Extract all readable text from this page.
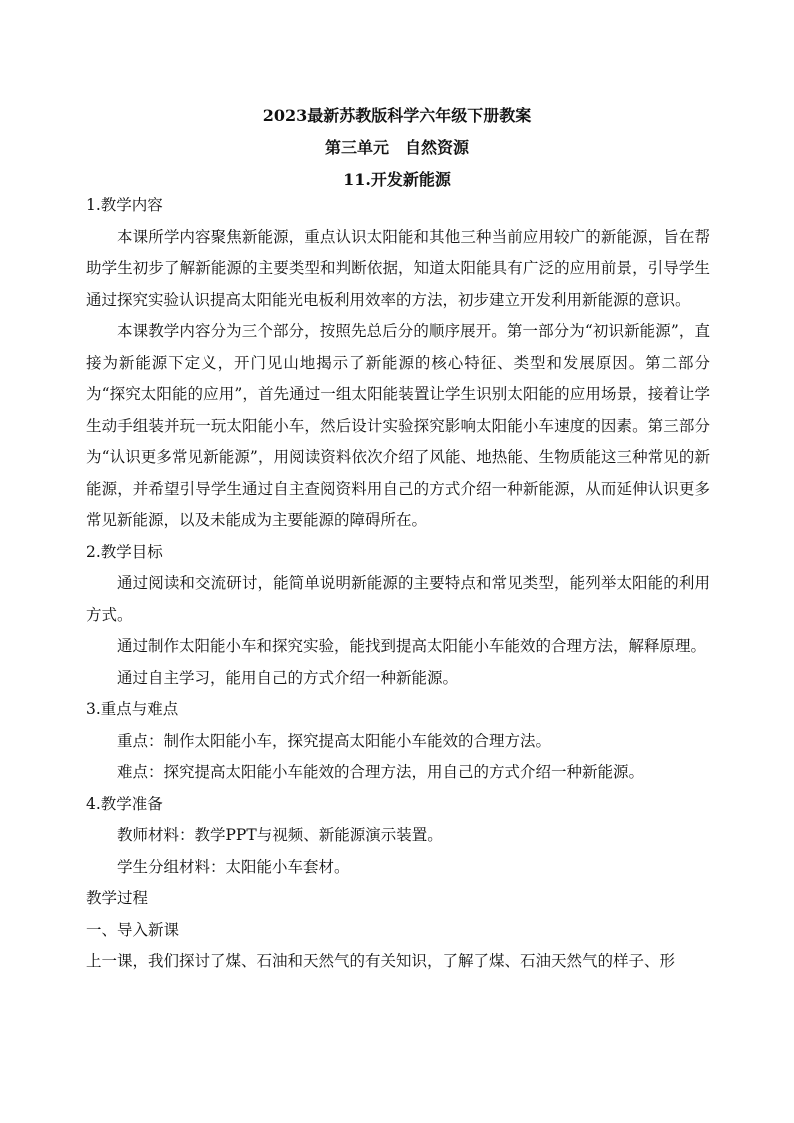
2023最新苏教版科学六年级下册教案

第三单元　自然资源

11.开发新能源

1.教学内容

本课所学内容聚焦新能源，重点认识太阳能和其他三种当前应用较广的新能源，旨在帮助学生初步了解新能源的主要类型和判断依据，知道太阳能具有广泛的应用前景，引导学生通过探究实验认识提高太阳能光电板利用效率的方法，初步建立开发利用新能源的意识。

本课教学内容分为三个部分，按照先总后分的顺序展开。第一部分为“初识新能源”，直接为新能源下定义，开门见山地揭示了新能源的核心特征、类型和发展原因。第二部分为“探究太阳能的应用”，首先通过一组太阳能装置让学生识别太阳能的应用场景，接着让学生动手组装并玩一玩太阳能小车，然后设计实验探究影响太阳能小车速度的因素。第三部分为“认识更多常见新能源”，用阅读资料依次介绍了风能、地热能、生物质能这三种常见的新能源，并希望引导学生通过自主查阅资料用自己的方式介绍一种新能源，从而延伸认识更多常见新能源，以及未能成为主要能源的障碍所在。

2.教学目标

通过阅读和交流研讨，能简单说明新能源的主要特点和常见类型，能列举太阳能的利用方式。

通过制作太阳能小车和探究实验，能找到提高太阳能小车能效的合理方法，解释原理。

通过自主学习，能用自己的方式介绍一种新能源。

3.重点与难点

重点：制作太阳能小车，探究提高太阳能小车能效的合理方法。

难点：探究提高太阳能小车能效的合理方法，用自己的方式介绍一种新能源。

4.教学准备

教师材料：教学PPT与视频、新能源演示装置。

学生分组材料：太阳能小车套材。

教学过程

一、导入新课

上一课，我们探讨了煤、石油和天然气的有关知识，了解了煤、石油天然气的样子、形
